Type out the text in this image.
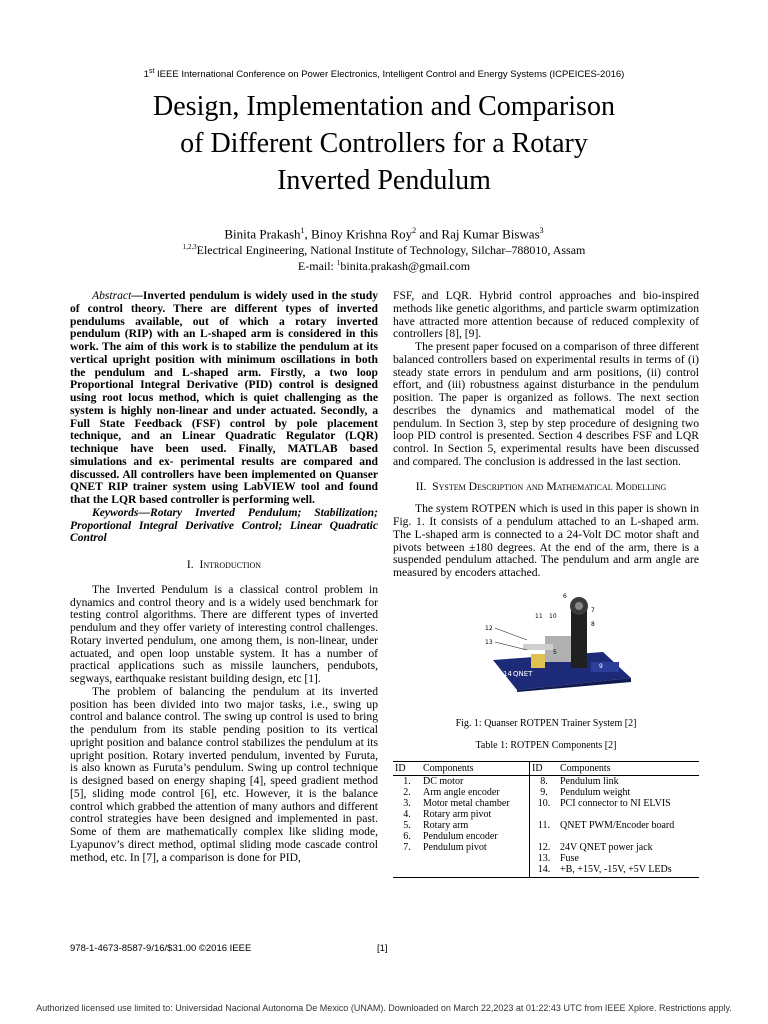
1st IEEE International Conference on Power Electronics, Intelligent Control and Energy Systems (ICPEICES-2016)
Design, Implementation and Comparison
of Different Controllers for a Rotary
Inverted Pendulum
Binita Prakash$^1$, Binoy Krishna Roy$^2$ and Raj Kumar Biswas$^3$
$^{1,2,3}$Electrical Engineering, National Institute of Technology, Silchar–788010, Assam
E-mail: $^1$binita.prakash@gmail.com

Abstract—Inverted pendulum is widely used in the study of control theory. There are different types of inverted pendulums available, out of which a rotary inverted pendulum (RIP) with an L-shaped arm is considered in this work. The aim of this work is to stabilize the pendulum at its vertical upright position with minimum oscillations in both the pendulum and L-shaped arm. Firstly, a two loop Proportional Integral Derivative (PID) control is designed using root locus method, which is quiet challenging as the system is highly non-linear and under actuated. Secondly, a Full State Feedback (FSF) control by pole placement technique, and an Linear Quadratic Regulator (LQR) technique have been used. Finally, MATLAB based simulations and ex- perimental results are compared and discussed. All controllers have been implemented on Quanser QNET RIP trainer system using LabVIEW tool and found that the LQR based controller is performing well.

Keywords—Rotary Inverted Pendulum; Stabilization; Proportional Integral Derivative Control; Linear Quadratic Control

I. Introduction

The Inverted Pendulum is a classical control problem in dynamics and control theory and is a widely used benchmark for testing control algorithms. There are different types of inverted pendulum and they offer variety of interesting control challenges. Rotary inverted pendulum, one among them, is non-linear, under actuated, and open loop unstable system. It has a number of practical applications such as missile launchers, pendubots, segways, earthquake resistant building design, etc [1].

The problem of balancing the pendulum at its inverted position has been divided into two major tasks, i.e., swing up control and balance control. The swing up control is used to bring the pendulum from its stable pending position to its vertical upright position and balance control stabilizes the pendulum at its upright position. Rotary inverted pendulum, invented by Furuta, is also known as Furuta’s pendulum. Swing up control technique is designed based on energy shaping [4], speed gradient method [5], sliding mode control [6], etc. However, it is the balance control which grabbed the attention of many authors and different control strategies have been designed and implemented in past. Some of them are mathematically complex like sliding mode, Lyapunov’s direct method, optimal sliding mode cascade control method, etc. In [7], a comparison is done for PID,

FSF, and LQR. Hybrid control approaches and bio-inspired methods like genetic algorithms, and particle swarm optimization have attracted more attention because of reduced complexity of controllers [8], [9].

The present paper focused on a comparison of three different balanced controllers based on experimental results in terms of (i) steady state errors in pendulum and arm positions, (ii) control effort, and (iii) robustness against disturbance in the pendulum position. The paper is organized as follows. The next section describes the dynamics and mathematical model of the pendulum. In Section 3, step by step procedure of designing two loop PID control is presented. Section 4 describes FSF and LQR control. In Section 5, experimental results have been discussed and compared. The conclusion is addressed in the last section.

II. System Description and Mathematical Modelling

The system ROTPEN which is used in this paper is shown in Fig. 1. It consists of a pendulum attached to an L-shaped arm. The L-shaped arm is connected to a 24-Volt DC motor shaft and pivots between ±180 degrees. At the end of the arm, there is a suspended pendulum attached. The pendulum and arm angle are measured by encoders attached.

14 QNET
6
7
8
11 10
12
13
9
5
Fig. 1: Quanser ROTPEN Trainer System [2]
Table 1: ROTPEN Components [2]
ID	Components	ID	Components
1.	DC motor	8.	Pendulum link
2.	Arm angle encoder	9.	Pendulum weight
3.	Motor metal chamber	10.	PCI connector to NI ELVIS
4.	Rotary arm pivot		
5.	Rotary arm	11.	QNET PWM/Encoder board
6.	Pendulum encoder		
7.	Pendulum pivot	12.	24V QNET power jack
		13.	Fuse
		14.	+B, +15V, -15V, +5V LEDs
978-1-4673-8587-9/16/$31.00 ©2016 IEEE	[1]
Authorized licensed use limited to: Universidad Nacional Autonoma De Mexico (UNAM). Downloaded on March 22,2023 at 01:22:43 UTC from IEEE Xplore. Restrictions apply.
